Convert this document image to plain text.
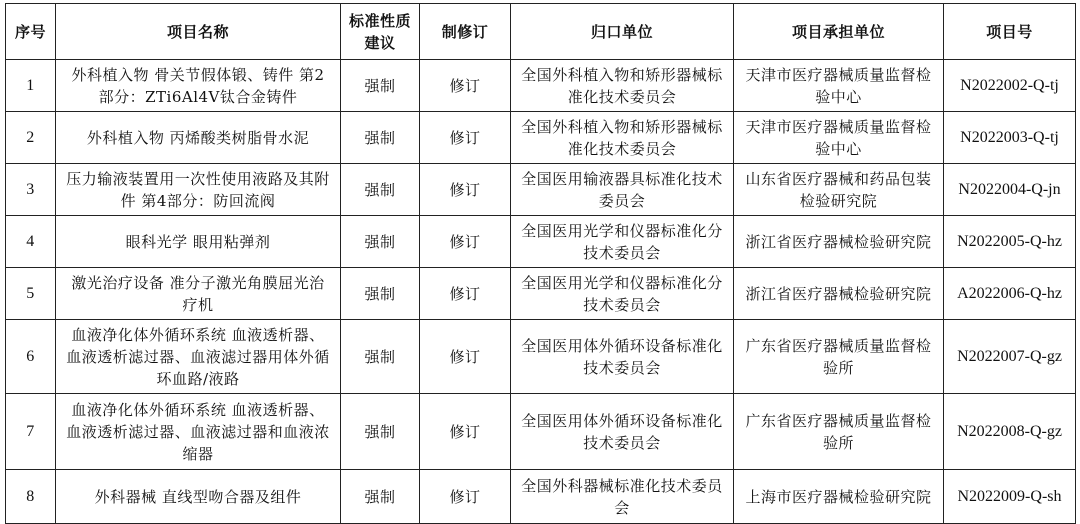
序号	项目名称	标准性质建议	制修订	归口单位	项目承担单位	项目号
1	外科植入物 骨关节假体锻、铸件 第2部分：ZTi6Al4V钛合金铸件	强制	修订	全国外科植入物和矫形器械标准化技术委员会	天津市医疗器械质量监督检验中心	N2022002-Q-tj
2	外科植入物 丙烯酸类树脂骨水泥	强制	修订	全国外科植入物和矫形器械标准化技术委员会	天津市医疗器械质量监督检验中心	N2022003-Q-tj
3	压力输液装置用一次性使用液路及其附件 第4部分：防回流阀	强制	修订	全国医用输液器具标准化技术委员会	山东省医疗器械和药品包装检验研究院	N2022004-Q-jn
4	眼科光学 眼用粘弹剂	强制	修订	全国医用光学和仪器标准化分技术委员会	浙江省医疗器械检验研究院	N2022005-Q-hz
5	激光治疗设备 准分子激光角膜屈光治疗机	强制	修订	全国医用光学和仪器标准化分技术委员会	浙江省医疗器械检验研究院	A2022006-Q-hz
6	血液净化体外循环系统 血液透析器、血液透析滤过器、血液滤过器用体外循环血路/液路	强制	修订	全国医用体外循环设备标准化技术委员会	广东省医疗器械质量监督检验所	N2022007-Q-gz
7	血液净化体外循环系统 血液透析器、血液透析滤过器、血液滤过器和血液浓缩器	强制	修订	全国医用体外循环设备标准化技术委员会	广东省医疗器械质量监督检验所	N2022008-Q-gz
8	外科器械 直线型吻合器及组件	强制	修订	全国外科器械标准化技术委员会	上海市医疗器械检验研究院	N2022009-Q-sh
